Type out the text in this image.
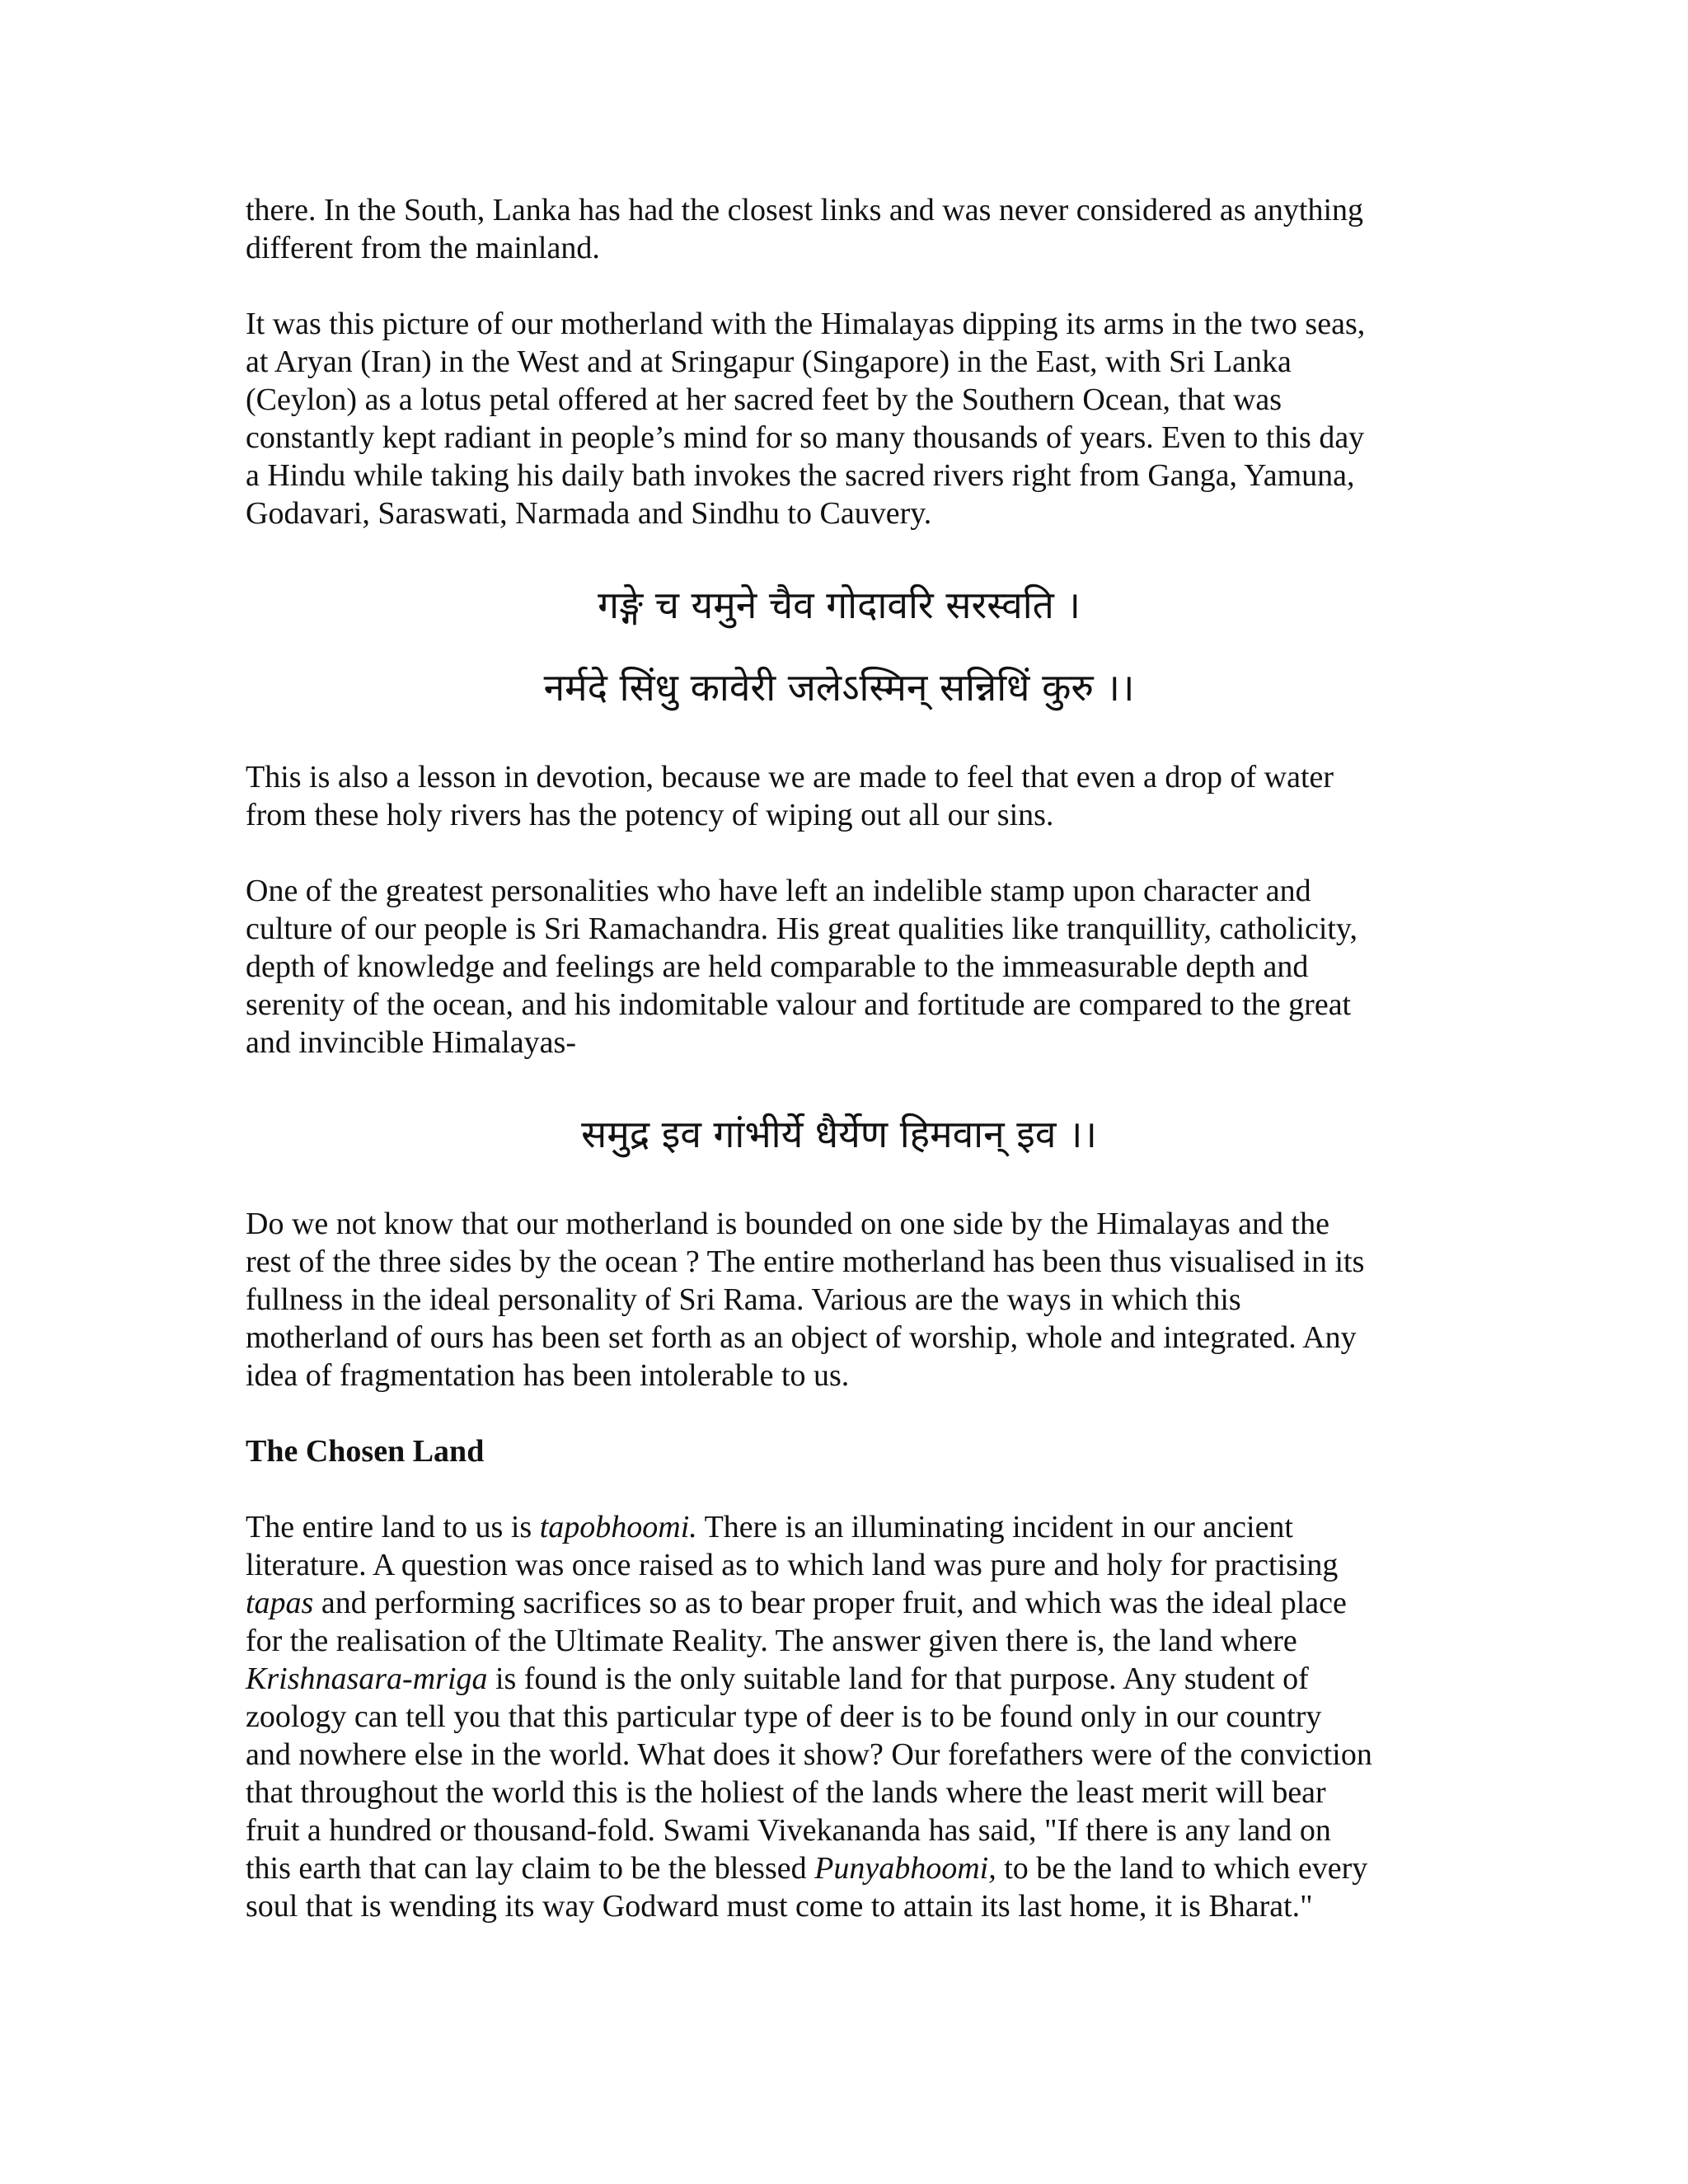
there. In the South, Lanka has had the closest links and was never considered as anything
different from the mainland.

It was this picture of our motherland with the Himalayas dipping its arms in the two seas,
at Aryan (Iran) in the West and at Sringapur (Singapore) in the East, with Sri Lanka
(Ceylon) as a lotus petal offered at her sacred feet by the Southern Ocean, that was
constantly kept radiant in people’s mind for so many thousands of years. Even to this day
a Hindu while taking his daily bath invokes the sacred rivers right from Ganga, Yamuna,
Godavari, Saraswati, Narmada and Sindhu to Cauvery.

गङ्गे च यमुने चैव गोदावरि सरस्वति ।
नर्मदे सिंधु कावेरी जलेऽस्मिन् सन्निधिं कुरु ।।

This is also a lesson in devotion, because we are made to feel that even a drop of water
from these holy rivers has the potency of wiping out all our sins.

One of the greatest personalities who have left an indelible stamp upon character and
culture of our people is Sri Ramachandra. His great qualities like tranquillity, catholicity,
depth of knowledge and feelings are held comparable to the immeasurable depth and
serenity of the ocean, and his indomitable valour and fortitude are compared to the great
and invincible Himalayas-

समुद्र इव गांभीर्ये धैर्येण हिमवान् इव ।।

Do we not know that our motherland is bounded on one side by the Himalayas and the
rest of the three sides by the ocean ? The entire motherland has been thus visualised in its
fullness in the ideal personality of Sri Rama. Various are the ways in which this
motherland of ours has been set forth as an object of worship, whole and integrated. Any
idea of fragmentation has been intolerable to us.

The Chosen Land

The entire land to us is tapobhoomi. There is an illuminating incident in our ancient
literature. A question was once raised as to which land was pure and holy for practising
tapas and performing sacrifices so as to bear proper fruit, and which was the ideal place
for the realisation of the Ultimate Reality. The answer given there is, the land where
Krishnasara-mriga is found is the only suitable land for that purpose. Any student of
zoology can tell you that this particular type of deer is to be found only in our country
and nowhere else in the world. What does it show? Our forefathers were of the conviction
that throughout the world this is the holiest of the lands where the least merit will bear
fruit a hundred or thousand-fold. Swami Vivekananda has said, "If there is any land on
this earth that can lay claim to be the blessed Punyabhoomi, to be the land to which every
soul that is wending its way Godward must come to attain its last home, it is Bharat."
